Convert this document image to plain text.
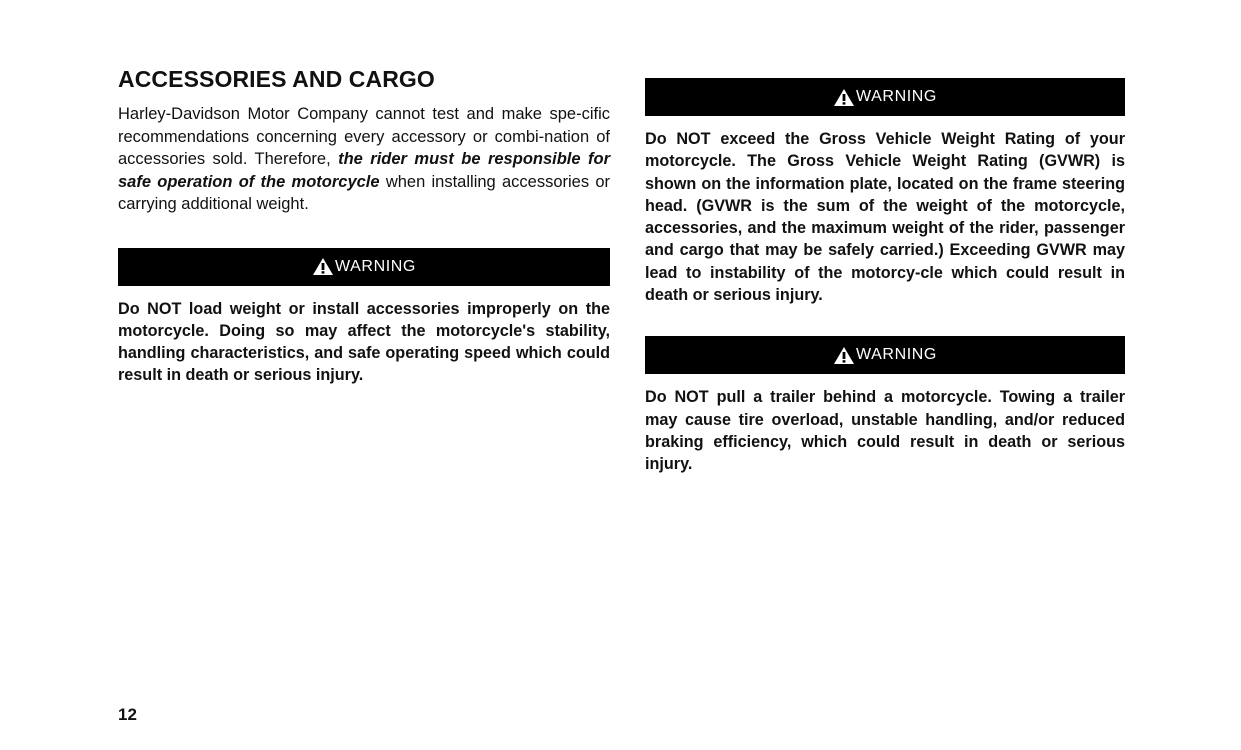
ACCESSORIES AND CARGO

Harley-Davidson Motor Company cannot test and make spe-cific recommendations concerning every accessory or combi-nation of accessories sold. Therefore, the rider must be responsible for safe operation of the motorcycle when installing accessories or carrying additional weight.

WARNING

Do NOT load weight or install accessories improperly on the motorcycle. Doing so may affect the motorcycle's stability, handling characteristics, and safe operating speed which could result in death or serious injury.

WARNING

Do NOT exceed the Gross Vehicle Weight Rating of your motorcycle. The Gross Vehicle Weight Rating (GVWR) is shown on the information plate, located on the frame steering head. (GVWR is the sum of the weight of the motorcycle, accessories, and the maximum weight of the rider, passenger and cargo that may be safely carried.) Exceeding GVWR may lead to instability of the motorcy-cle which could result in death or serious injury.

WARNING

Do NOT pull a trailer behind a motorcycle. Towing a trailer may cause tire overload, unstable handling, and/or reduced braking efficiency, which could result in death or serious injury.

12
